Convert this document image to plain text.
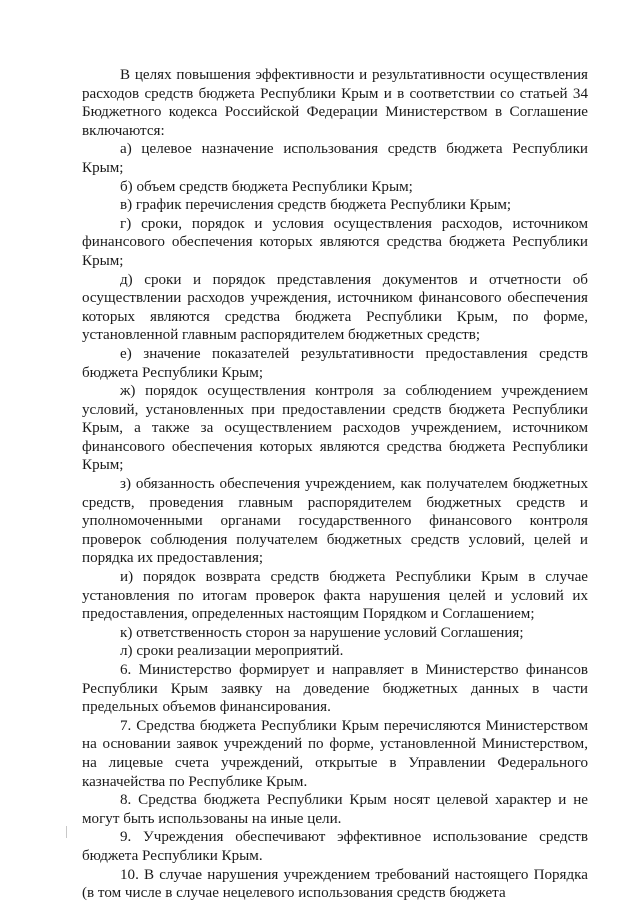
В целях повышения эффективности и результативности осуществления расходов средств бюджета Республики Крым и в соответствии со статьей 34 Бюджетного кодекса Российской Федерации Министерством в Соглашение включаются:

а) целевое назначение использования средств бюджета Республики Крым;

б) объем средств бюджета Республики Крым;

в) график перечисления средств бюджета Республики Крым;

г) сроки, порядок и условия осуществления расходов, источником финансового обеспечения которых являются средства бюджета Республики Крым;

д) сроки и порядок представления документов и отчетности об осуществлении расходов учреждения, источником финансового обеспечения которых являются средства бюджета Республики Крым, по форме, установленной главным распорядителем бюджетных средств;

е) значение показателей результативности предоставления средств бюджета Республики Крым;

ж) порядок осуществления контроля за соблюдением учреждением условий, установленных при предоставлении средств бюджета Республики Крым, а также за осуществлением расходов учреждением, источником финансового обеспечения которых являются средства бюджета Республики Крым;

з) обязанность обеспечения учреждением, как получателем бюджетных средств, проведения главным распорядителем бюджетных средств и уполномоченными органами государственного финансового контроля проверок соблюдения получателем бюджетных средств условий, целей и порядка их предоставления;

и) порядок возврата средств бюджета Республики Крым в случае установления по итогам проверок факта нарушения целей и условий их предоставления, определенных настоящим Порядком и Соглашением;

к) ответственность сторон за нарушение условий Соглашения;

л) сроки реализации мероприятий.

6. Министерство формирует и направляет в Министерство финансов Республики Крым заявку на доведение бюджетных данных в части предельных объемов финансирования.

7. Средства бюджета Республики Крым перечисляются Министерством на основании заявок учреждений по форме, установленной Министерством, на лицевые счета учреждений, открытые в Управлении Федерального казначейства по Республике Крым.

8. Средства бюджета Республики Крым носят целевой характер и не могут быть использованы на иные цели.

9. Учреждения обеспечивают эффективное использование средств бюджета Республики Крым.

10. В случае нарушения учреждением требований настоящего Порядка (в том числе в случае нецелевого использования средств бюджета
